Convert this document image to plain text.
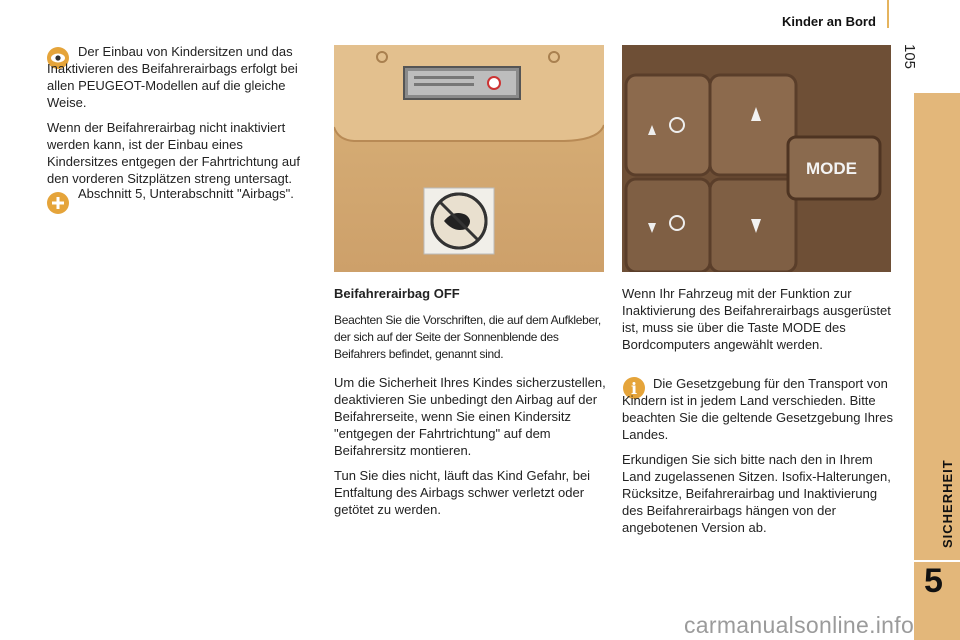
Kinder an Bord
105
SICHERHEIT
5

Der Einbau von Kindersitzen und das Inaktivieren des Beifahrerairbags erfolgt bei allen PEUGEOT-Modellen auf die gleiche Weise.

Wenn der Beifahrerairbag nicht inaktiviert werden kann, ist der Einbau eines Kindersitzes entgegen der Fahrtrichtung auf den vorderen Sitzplätzen streng untersagt.

Abschnitt 5, Unterabschnitt "Airbags".

Beifahrerairbag OFF

Beachten Sie die Vorschriften, die auf dem Aufkleber, der sich auf der Seite der Sonnenblende des Beifahrers befindet, genannt sind.

Um die Sicherheit Ihres Kindes sicherzustellen, deaktivieren Sie unbedingt den Airbag auf der Beifahrerseite, wenn Sie einen Kindersitz "entgegen der Fahrtrichtung" auf dem Beifahrersitz montieren.

Tun Sie dies nicht, läuft das Kind Gefahr, bei Entfaltung des Airbags schwer verletzt oder getötet zu werden.

MODE

Wenn Ihr Fahrzeug mit der Funktion zur Inaktivierung des Beifahrerairbags ausgerüstet ist, muss sie über die Taste MODE des Bordcomputers angewählt werden.

i	Die Gesetzgebung für den Transport von Kindern ist in jedem Land verschieden. Bitte beachten Sie die geltende Gesetzgebung Ihres Landes.

Erkundigen Sie sich bitte nach den in Ihrem Land zugelassenen Sitzen. Isofix-Halterungen, Rücksitze, Beifahrerairbag und Inaktivierung des Beifahrerairbags hängen von der angebotenen Version ab.

carmanualsonline.info
